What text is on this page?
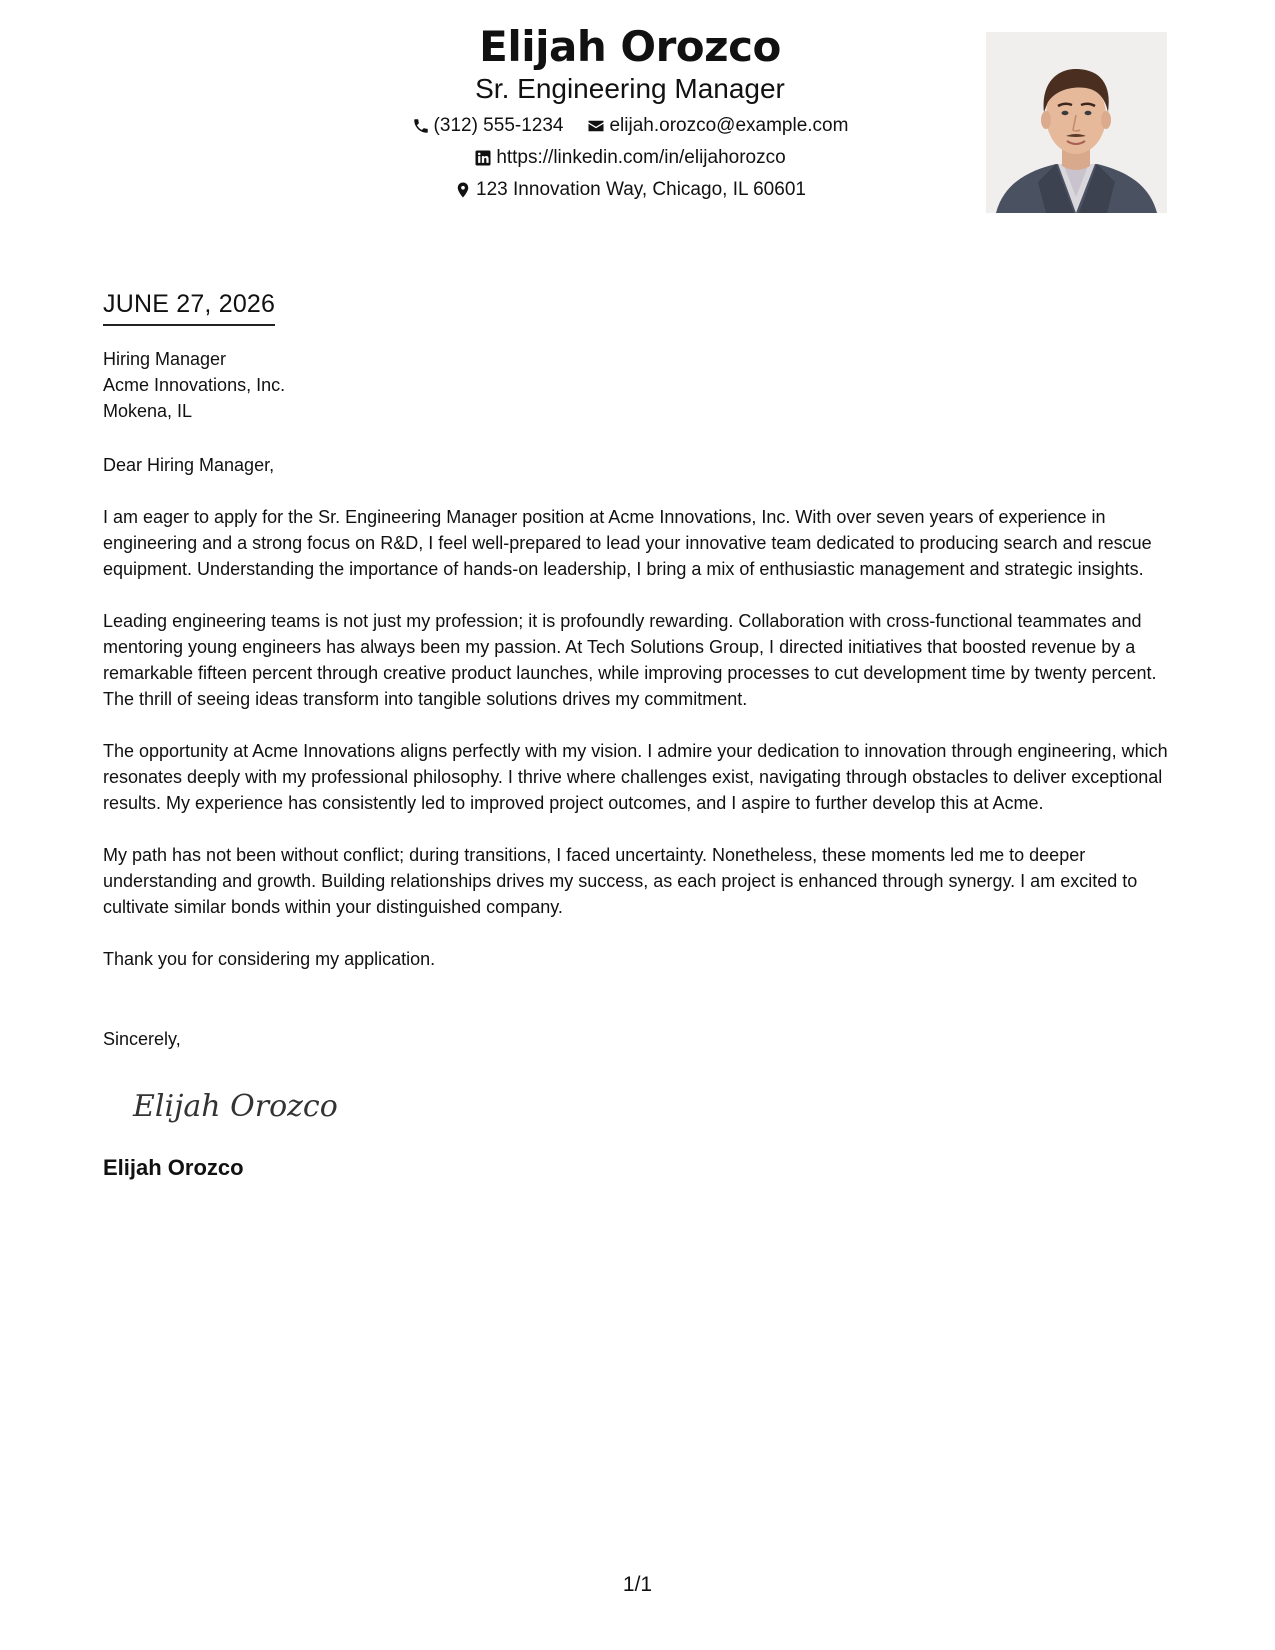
Elijah Orozco
Sr. Engineering Manager
(312) 555-1234 elijah.orozco@example.com
https://linkedin.com/in/elijahorozco
123 Innovation Way, Chicago, IL 60601
JUNE 27, 2026
Hiring Manager
Acme Innovations, Inc.
Mokena, IL
Dear Hiring Manager,

I am eager to apply for the Sr. Engineering Manager position at Acme Innovations, Inc. With over seven years of experience in engineering and a strong focus on R&D, I feel well-prepared to lead your innovative team dedicated to producing search and rescue equipment. Understanding the importance of hands-on leadership, I bring a mix of enthusiastic management and strategic insights.

Leading engineering teams is not just my profession; it is profoundly rewarding. Collaboration with cross-functional teammates and mentoring young engineers has always been my passion. At Tech Solutions Group, I directed initiatives that boosted revenue by a remarkable fifteen percent through creative product launches, while improving processes to cut development time by twenty percent. The thrill of seeing ideas transform into tangible solutions drives my commitment.

The opportunity at Acme Innovations aligns perfectly with my vision. I admire your dedication to innovation through engineering, which resonates deeply with my professional philosophy. I thrive where challenges exist, navigating through obstacles to deliver exceptional results. My experience has consistently led to improved project outcomes, and I aspire to further develop this at Acme.

My path has not been without conflict; during transitions, I faced uncertainty. Nonetheless, these moments led me to deeper understanding and growth. Building relationships drives my success, as each project is enhanced through synergy. I am excited to cultivate similar bonds within your distinguished company.

Thank you for considering my application.

Sincerely,
Elijah Orozco
Elijah Orozco
1/1
